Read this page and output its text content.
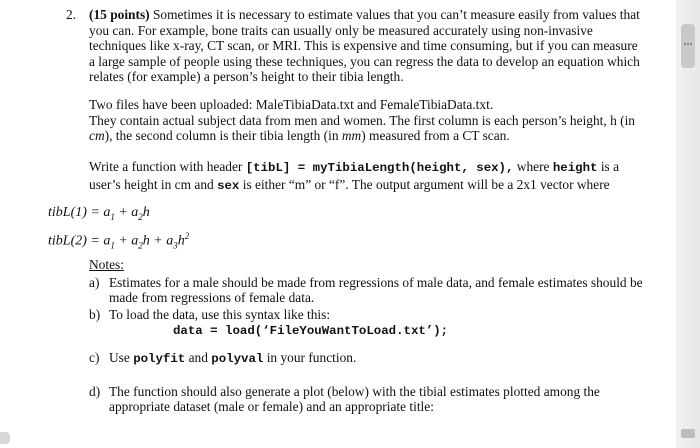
2. (15 points) Sometimes it is necessary to estimate values that you can’t measure easily from values that you can. For example, bone traits can usually only be measured accurately using non-invasive techniques like x-ray, CT scan, or MRI. This is expensive and time consuming, but if you can measure a large sample of people using these techniques, you can regress the data to develop an equation which relates (for example) a person’s height to their tibia length.

Two files have been uploaded: MaleTibiaData.txt and FemaleTibiaData.txt.

They contain actual subject data from men and women. The first column is each person’s height, h (in cm), the second column is their tibia length (in mm) measured from a CT scan.

Write a function with header [tibL] = myTibiaLength(height, sex), where height is a user’s height in cm and sex is either “m” or “f”. The output argument will be a 2x1 vector where

tibL(1) = $a_1 + a_2h$
tibL(2) = $a_1 + a_2h + a_3h^2$
Notes:
a) Estimates for a male should be made from regressions of male data, and female estimates should be made from regressions of female data.

b) To load the data, use this syntax like this:

data = load(‘FileYouWantToLoad.txt’);

c) Use polyfit and polyval in your function.

d) The function should also generate a plot (below) with the tibial estimates plotted among the appropriate dataset (male or female) and an appropriate title:
